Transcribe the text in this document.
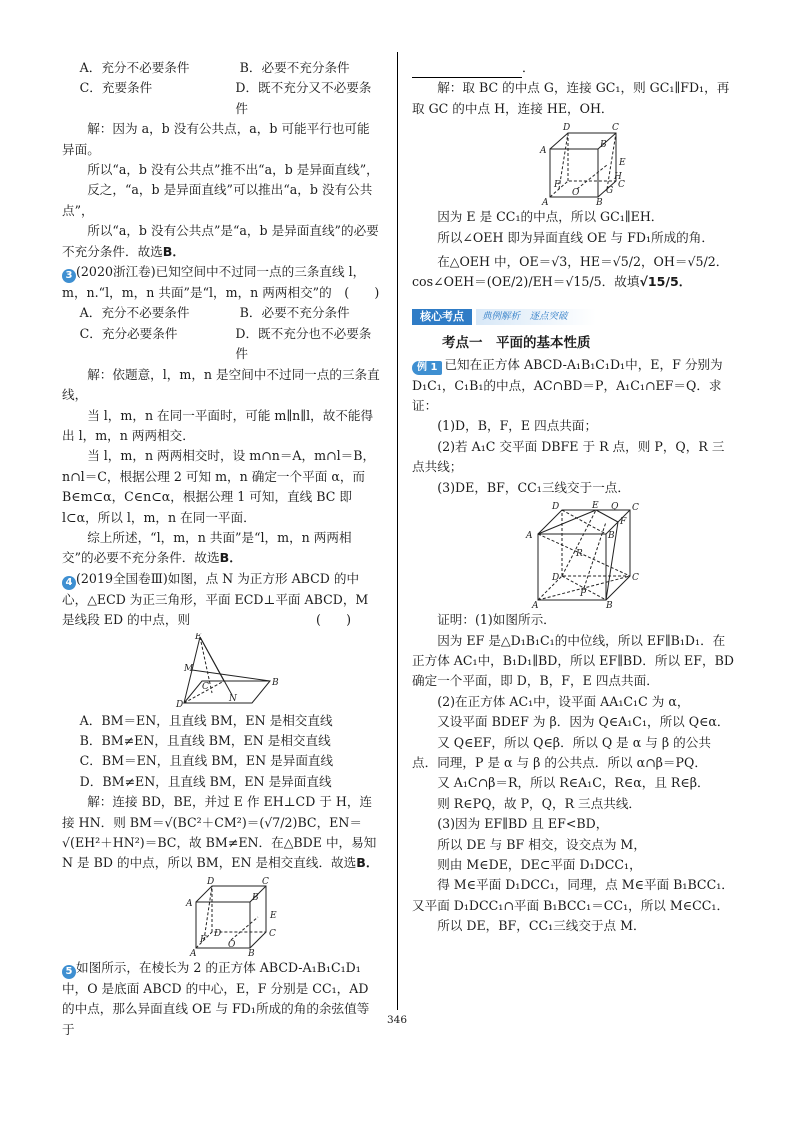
A．充分不必要条件	B．必要不充分条件
C．充要条件	D．既不充分又不必要条件

解：因为 a，b 没有公共点，a，b 可能平行也可能异面。

所以“a，b 没有公共点”推不出“a，b 是异面直线”，

反之，“a，b 是异面直线”可以推出“a，b 没有公共点”，

所以“a，b 没有公共点”是“a，b 是异面直线”的必要不充分条件．故选B．

3 (2020浙江卷)已知空间中不过同一点的三条直线 l，m，n.“l，m，n 共面”是“l，m，n 两两相交”的　(　　)

A．充分不必要条件	B．必要不充分条件
C．充分必要条件	D．既不充分也不必要条件

解：依题意，l，m，n 是空间中不过同一点的三条直线，

当 l，m，n 在同一平面时，可能 m∥n∥l，故不能得出 l，m，n 两两相交．

当 l，m，n 两两相交时，设 m∩n＝A，m∩l＝B，n∩l＝C，根据公理 2 可知 m，n 确定一个平面 α，而 B∈m⊂α，C∈n⊂α，根据公理 1 可知，直线 BC 即 l⊂α，所以 l，m，n 在同一平面．

综上所述，“l，m，n 共面”是“l，m，n 两两相交”的必要不充分条件．故选B．

4 (2019全国卷Ⅲ)如图，点 N 为正方形 ABCD 的中心，△ECD 为正三角形，平面 ECD⊥平面 ABCD，M 是线段 ED 的中点，则　　　　　　　　　　(　　)

E
M
C
N
B
D

A．BM＝EN，且直线 BM，EN 是相交直线

B．BM≠EN，且直线 BM，EN 是相交直线

C．BM＝EN，且直线 BM，EN 是异面直线

D．BM≠EN，且直线 BM，EN 是异面直线

解：连接 BD，BE，并过 E 作 EH⊥CD 于 H，连接 HN．则 BM＝√(BC²＋CM²)＝(√7/2)BC，EN＝√(EH²＋HN²)＝BC，故 BM≠EN．在△BDE 中，易知 N 是 BD 的中点，所以 BM，EN 是相交直线．故选B．

D	C
A
B
E
D
F O
C
A	B

5 如图所示，在棱长为 2 的正方体 ABCD-A₁B₁C₁D₁中，O 是底面 ABCD 的中心，E，F 分别是 CC₁，AD 的中点，那么异面直线 OE 与 FD₁所成的角的余弦值等于

．

解：取 BC 的中点 G，连接 GC₁，则 GC₁∥FD₁，再取 GC 的中点 H，连接 HE，OH．

D	C
A
B
E
C
H
G
F
O
A	B

因为 E 是 CC₁的中点，所以 GC₁∥EH．

所以∠OEH 即为异面直线 OE 与 FD₁所成的角．

在△OEH 中，OE＝√3，HE＝√5/2，OH＝√5/2．cos∠OEH＝(OE/2)/EH＝√15/5．故填√15/5．

核心考点	典例解析　逐点突破

考点一　平面的基本性质

例 1 已知在正方体 ABCD-A₁B₁C₁D₁中，E，F 分别为 D₁C₁，C₁B₁的中点，AC∩BD＝P，A₁C₁∩EF＝Q．求证：

(1)D，B，F，E 四点共面；

(2)若 A₁C 交平面 DBFE 于 R 点，则 P，Q，R 三点共线；

(3)DE，BF，CC₁三线交于一点．

D	E Q C
F
A	B
R
D
P
C
A	B

证明：(1)如图所示．

因为 EF 是△D₁B₁C₁的中位线，所以 EF∥B₁D₁．在正方体 AC₁中，B₁D₁∥BD，所以 EF∥BD．所以 EF，BD 确定一个平面，即 D，B，F，E 四点共面．

(2)在正方体 AC₁中，设平面 AA₁C₁C 为 α，

又设平面 BDEF 为 β．因为 Q∈A₁C₁，所以 Q∈α．

又 Q∈EF，所以 Q∈β．所以 Q 是 α 与 β 的公共点．同理，P 是 α 与 β 的公共点．所以 α∩β＝PQ．

又 A₁C∩β＝R，所以 R∈A₁C，R∈α，且 R∈β．

则 R∈PQ，故 P，Q，R 三点共线．

(3)因为 EF∥BD 且 EF<BD，

所以 DE 与 BF 相交，设交点为 M，

则由 M∈DE，DE⊂平面 D₁DCC₁，

得 M∈平面 D₁DCC₁，同理，点 M∈平面 B₁BCC₁．又平面 D₁DCC₁∩平面 B₁BCC₁＝CC₁，所以 M∈CC₁．

所以 DE，BF，CC₁三线交于点 M．

346
